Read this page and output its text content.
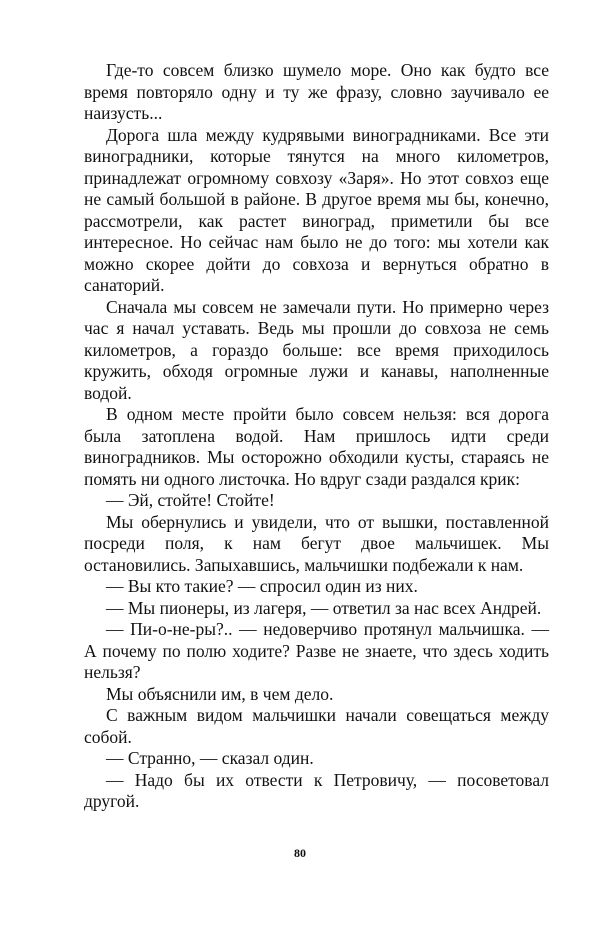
Где-то совсем близко шумело море. Оно как будто все время повторяло одну и ту же фразу, словно заучивало ее наизусть...

Дорога шла между кудрявыми виноградниками. Все эти виноградники, которые тянутся на много километров, принадлежат огромному совхозу «Заря». Но этот совхоз еще не самый большой в районе. В другое время мы бы, конечно, рассмотрели, как растет виноград, приметили бы все интересное. Но сейчас нам было не до того: мы хотели как можно скорее дойти до совхоза и вернуться обратно в санаторий.

Сначала мы совсем не замечали пути. Но примерно через час я начал уставать. Ведь мы прошли до совхоза не семь километров, а гораздо больше: все время приходилось кружить, обходя огромные лужи и канавы, наполненные водой.

В одном месте пройти было совсем нельзя: вся дорога была затоплена водой. Нам пришлось идти среди виноградников. Мы осторожно обходили кусты, стараясь не помять ни одного листочка. Но вдруг сзади раздался крик:

— Эй, стойте! Стойте!

Мы обернулись и увидели, что от вышки, поставленной посреди поля, к нам бегут двое мальчишек. Мы остановились. Запыхавшись, мальчишки подбежали к нам.

— Вы кто такие? — спросил один из них.

— Мы пионеры, из лагеря, — ответил за нас всех Андрей.

— Пи-о-не-ры?.. — недоверчиво протянул мальчишка. — А почему по полю ходите? Разве не знаете, что здесь ходить нельзя?

Мы объяснили им, в чем дело.

С важным видом мальчишки начали совещаться между собой.

— Странно, — сказал один.

— Надо бы их отвести к Петровичу, — посоветовал другой.

80
